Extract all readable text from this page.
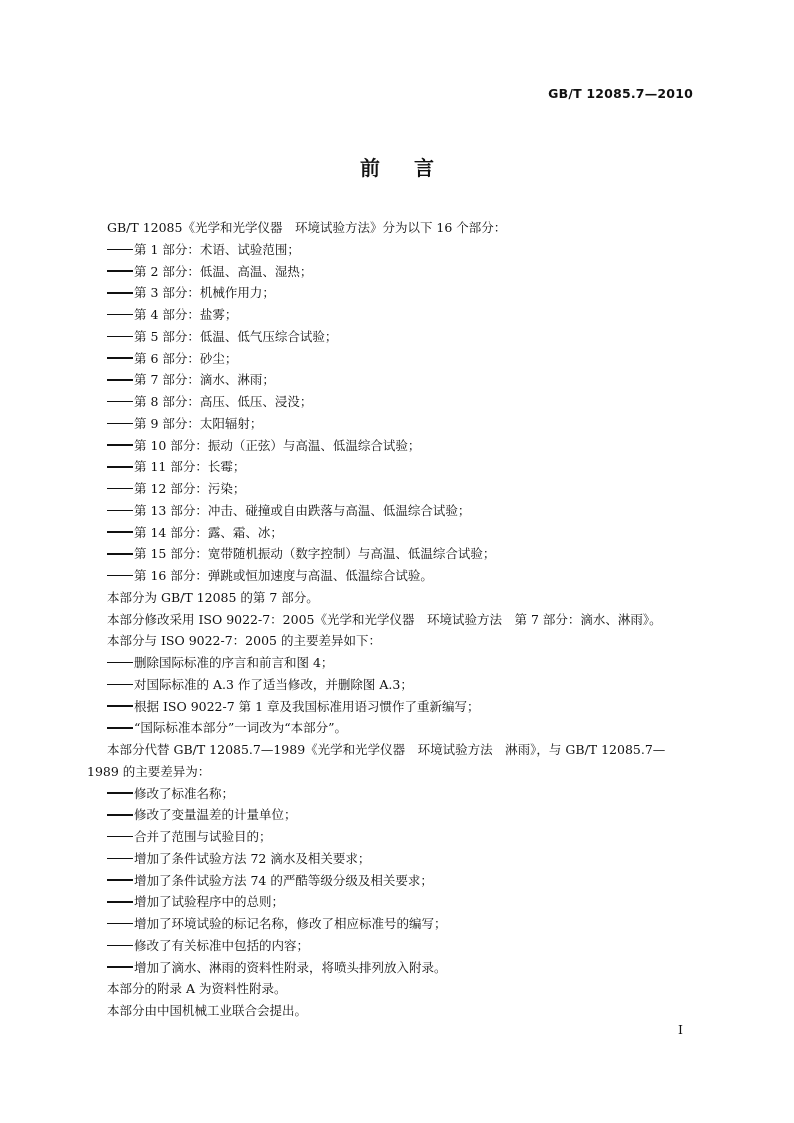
GB/T 12085.7—2010
前言
GB/T 12085《光学和光学仪器　环境试验方法》分为以下 16 个部分：
第 1 部分：术语、试验范围；
第 2 部分：低温、高温、湿热；
第 3 部分：机械作用力；
第 4 部分：盐雾；
第 5 部分：低温、低气压综合试验；
第 6 部分：砂尘；
第 7 部分：滴水、淋雨；
第 8 部分：高压、低压、浸没；
第 9 部分：太阳辐射；
第 10 部分：振动（正弦）与高温、低温综合试验；
第 11 部分：长霉；
第 12 部分：污染；
第 13 部分：冲击、碰撞或自由跌落与高温、低温综合试验；
第 14 部分：露、霜、冰；
第 15 部分：宽带随机振动（数字控制）与高温、低温综合试验；
第 16 部分：弹跳或恒加速度与高温、低温综合试验。
本部分为 GB/T 12085 的第 7 部分。
本部分修改采用 ISO 9022-7：2005《光学和光学仪器　环境试验方法　第 7 部分：滴水、淋雨》。
本部分与 ISO 9022-7：2005 的主要差异如下：
删除国际标准的序言和前言和图 4；
对国际标准的 A.3 作了适当修改，并删除图 A.3；
根据 ISO 9022-7 第 1 章及我国标准用语习惯作了重新编写；
“国际标准本部分”一词改为“本部分”。
本部分代替 GB/T 12085.7—1989《光学和光学仪器　环境试验方法　淋雨》，与 GB/T 12085.7—
1989 的主要差异为：
修改了标准名称；
修改了变量温差的计量单位；
合并了范围与试验目的；
增加了条件试验方法 72 滴水及相关要求；
增加了条件试验方法 74 的严酷等级分级及相关要求；
增加了试验程序中的总则；
增加了环境试验的标记名称，修改了相应标准号的编写；
修改了有关标准中包括的内容；
增加了滴水、淋雨的资料性附录，将喷头排列放入附录。
本部分的附录 A 为资料性附录。
本部分由中国机械工业联合会提出。
I
